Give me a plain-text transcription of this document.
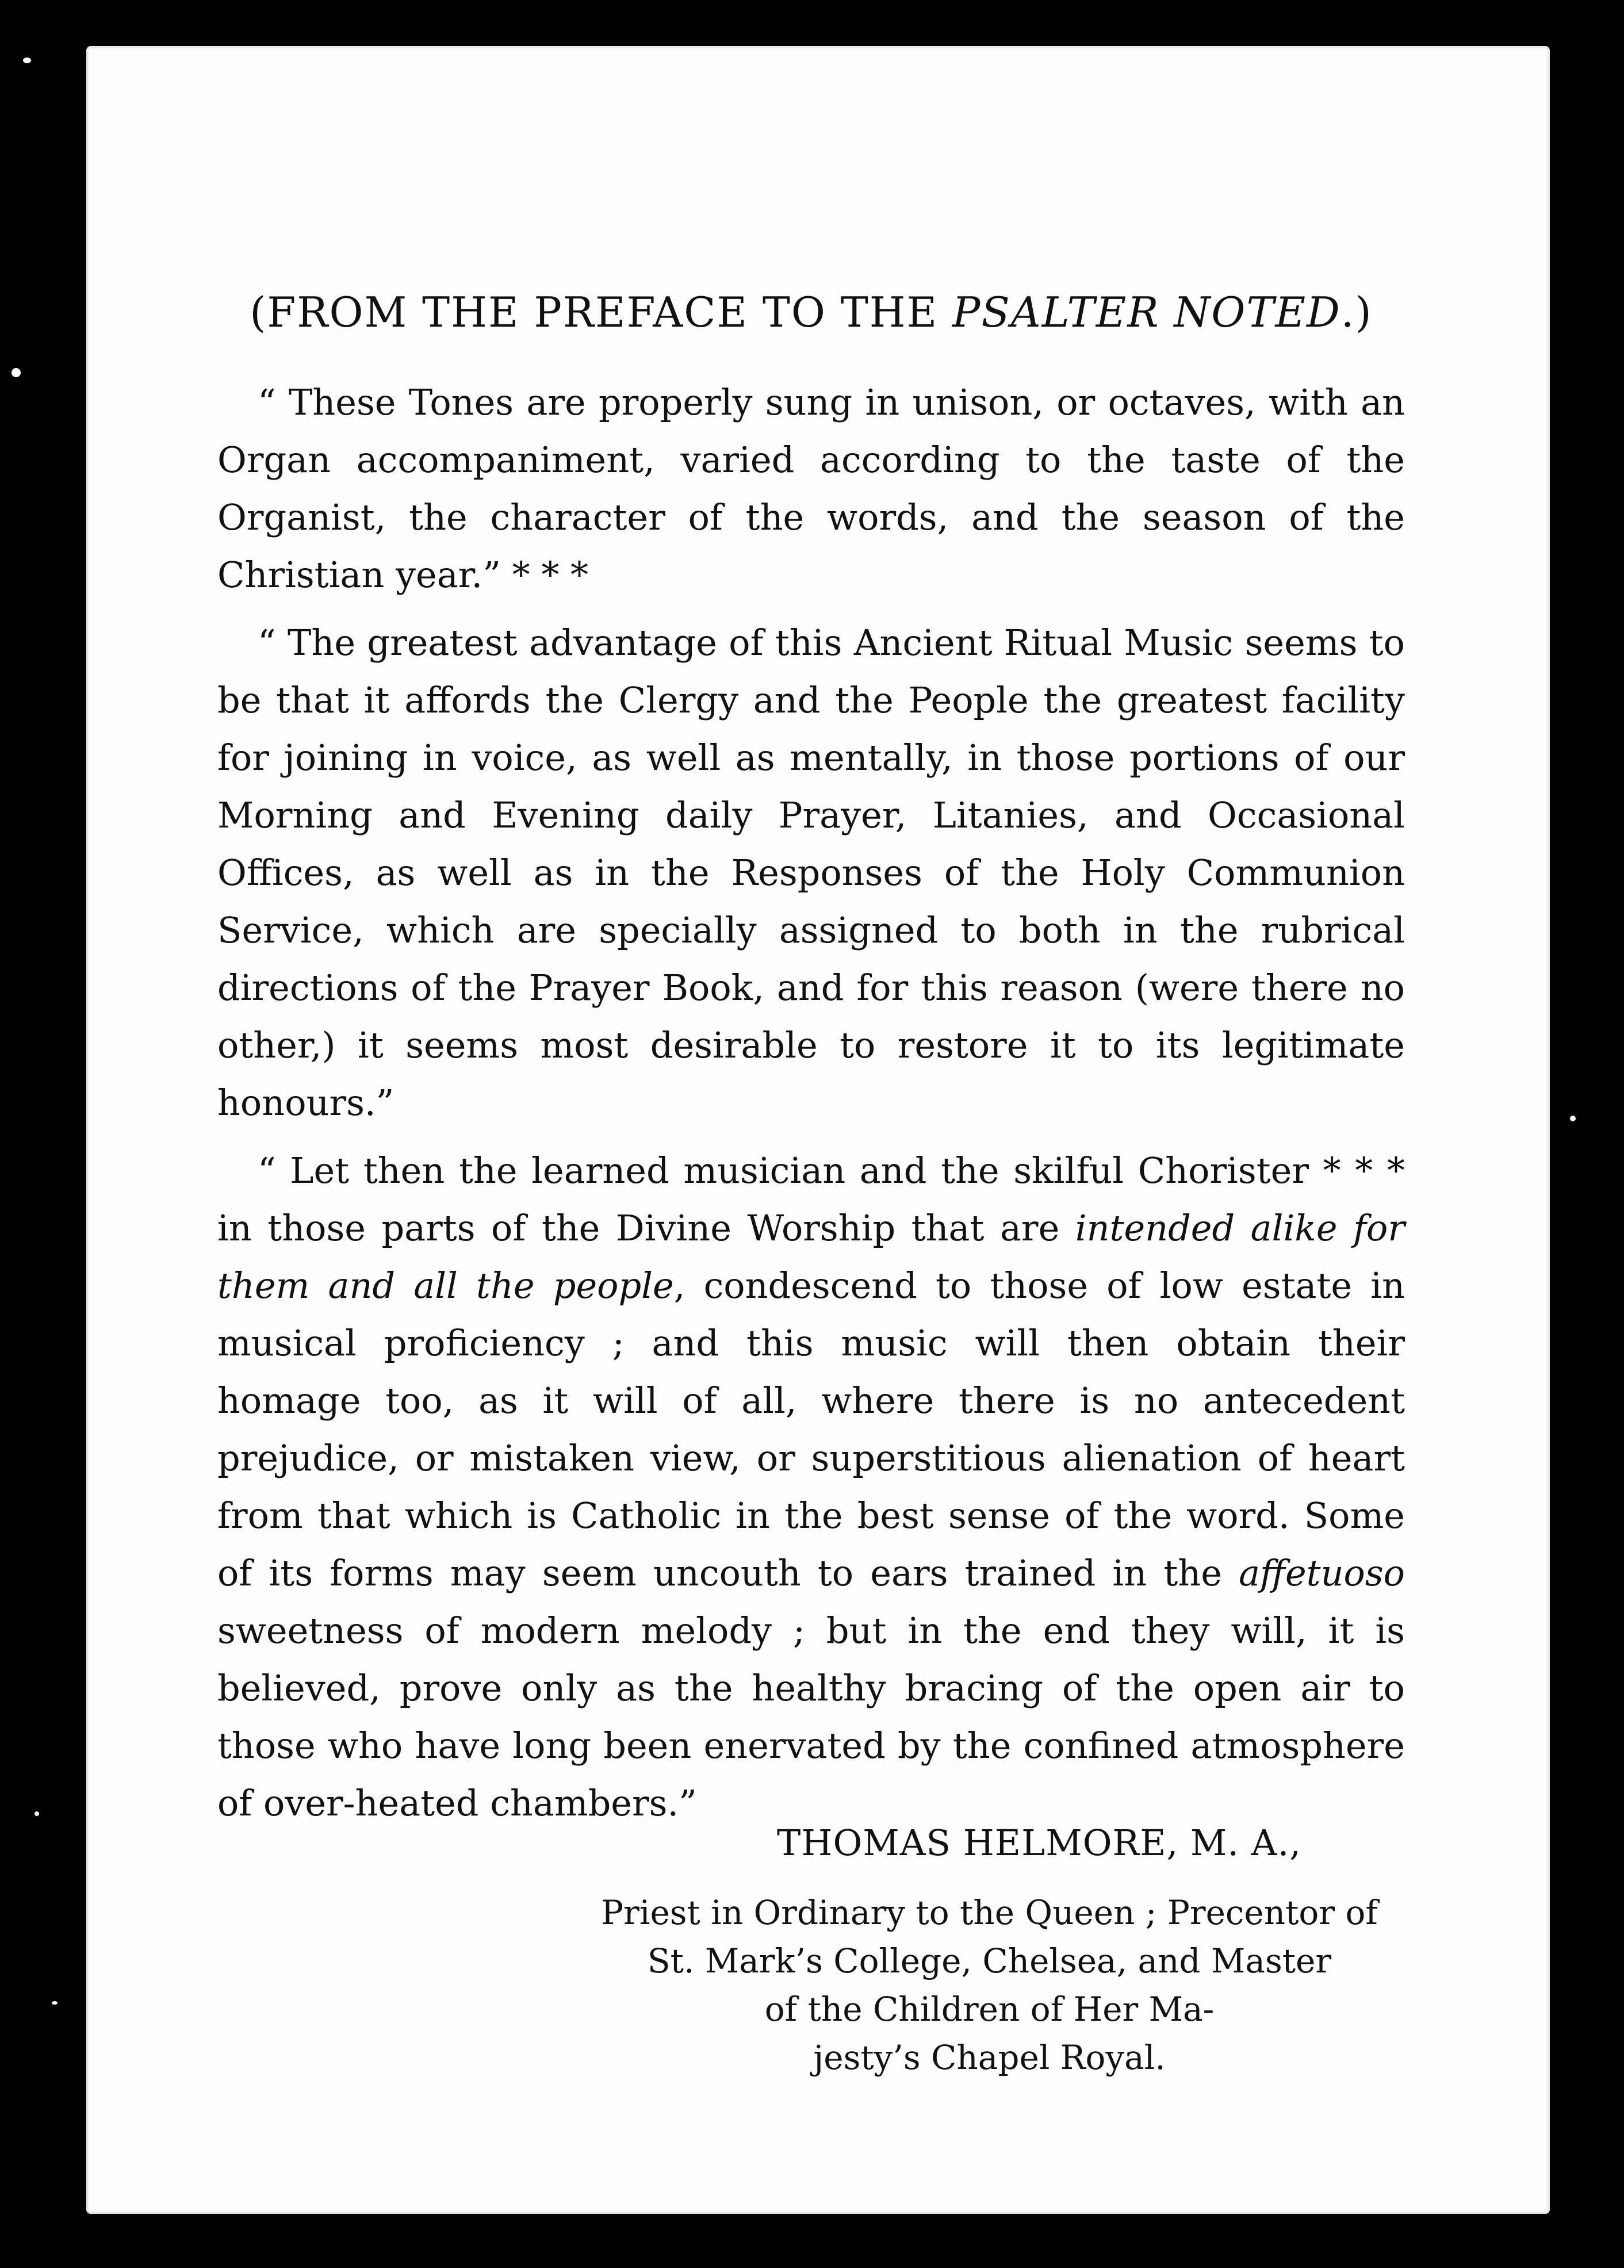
(FROM THE PREFACE TO THE PSALTER NOTED.)

“ These Tones are properly sung in unison, or octaves, with an Organ accompaniment, varied according to the taste of the Organist, the character of the words, and the season of the Christian year.” * * *

“ The greatest advantage of this Ancient Ritual Music seems to be that it affords the Clergy and the People the greatest facility for joining in voice, as well as mentally, in those portions of our Morning and Evening daily Prayer, Litanies, and Occasional Offices, as well as in the Responses of the Holy Communion Service, which are specially assigned to both in the rubrical directions of the Prayer Book, and for this reason (were there no other,) it seems most desirable to restore it to its legitimate honours.”

“ Let then the learned musician and the skilful Chorister * * * in those parts of the Divine Worship that are intended alike for them and all the people, condescend to those of low estate in musical proficiency ; and this music will then obtain their homage too, as it will of all, where there is no antecedent prejudice, or mistaken view, or superstitious alienation of heart from that which is Catholic in the best sense of the word. Some of its forms may seem uncouth to ears trained in the affetuoso sweetness of modern melody ; but in the end they will, it is believed, prove only as the healthy bracing of the open air to those who have long been enervated by the confined atmosphere of over-heated chambers.”

THOMAS HELMORE, M. A.,
Priest in Ordinary to the Queen ; Precentor of
St. Mark’s College, Chelsea, and Master
of the Children of Her Ma-
jesty’s Chapel Royal.
